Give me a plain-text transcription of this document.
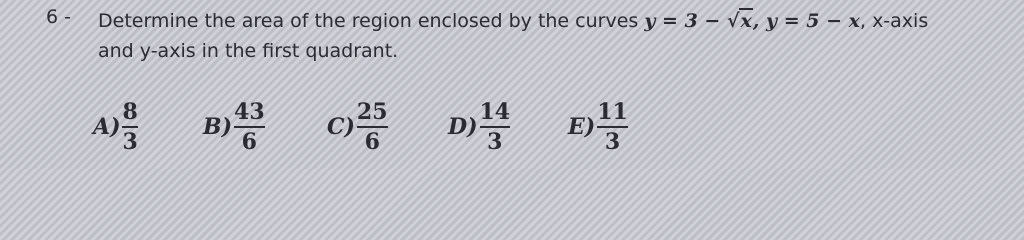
6 - Determine the area of the region enclosed by the curves y = 3 − √x, y = 5 − x, x-axis
and y-axis in the first quadrant.
$A) \frac{8}{3}$	$B) \frac{43}{6}$	$C) \frac{25}{6}$	$D) \frac{14}{3}$	$E) \frac{11}{3}$
